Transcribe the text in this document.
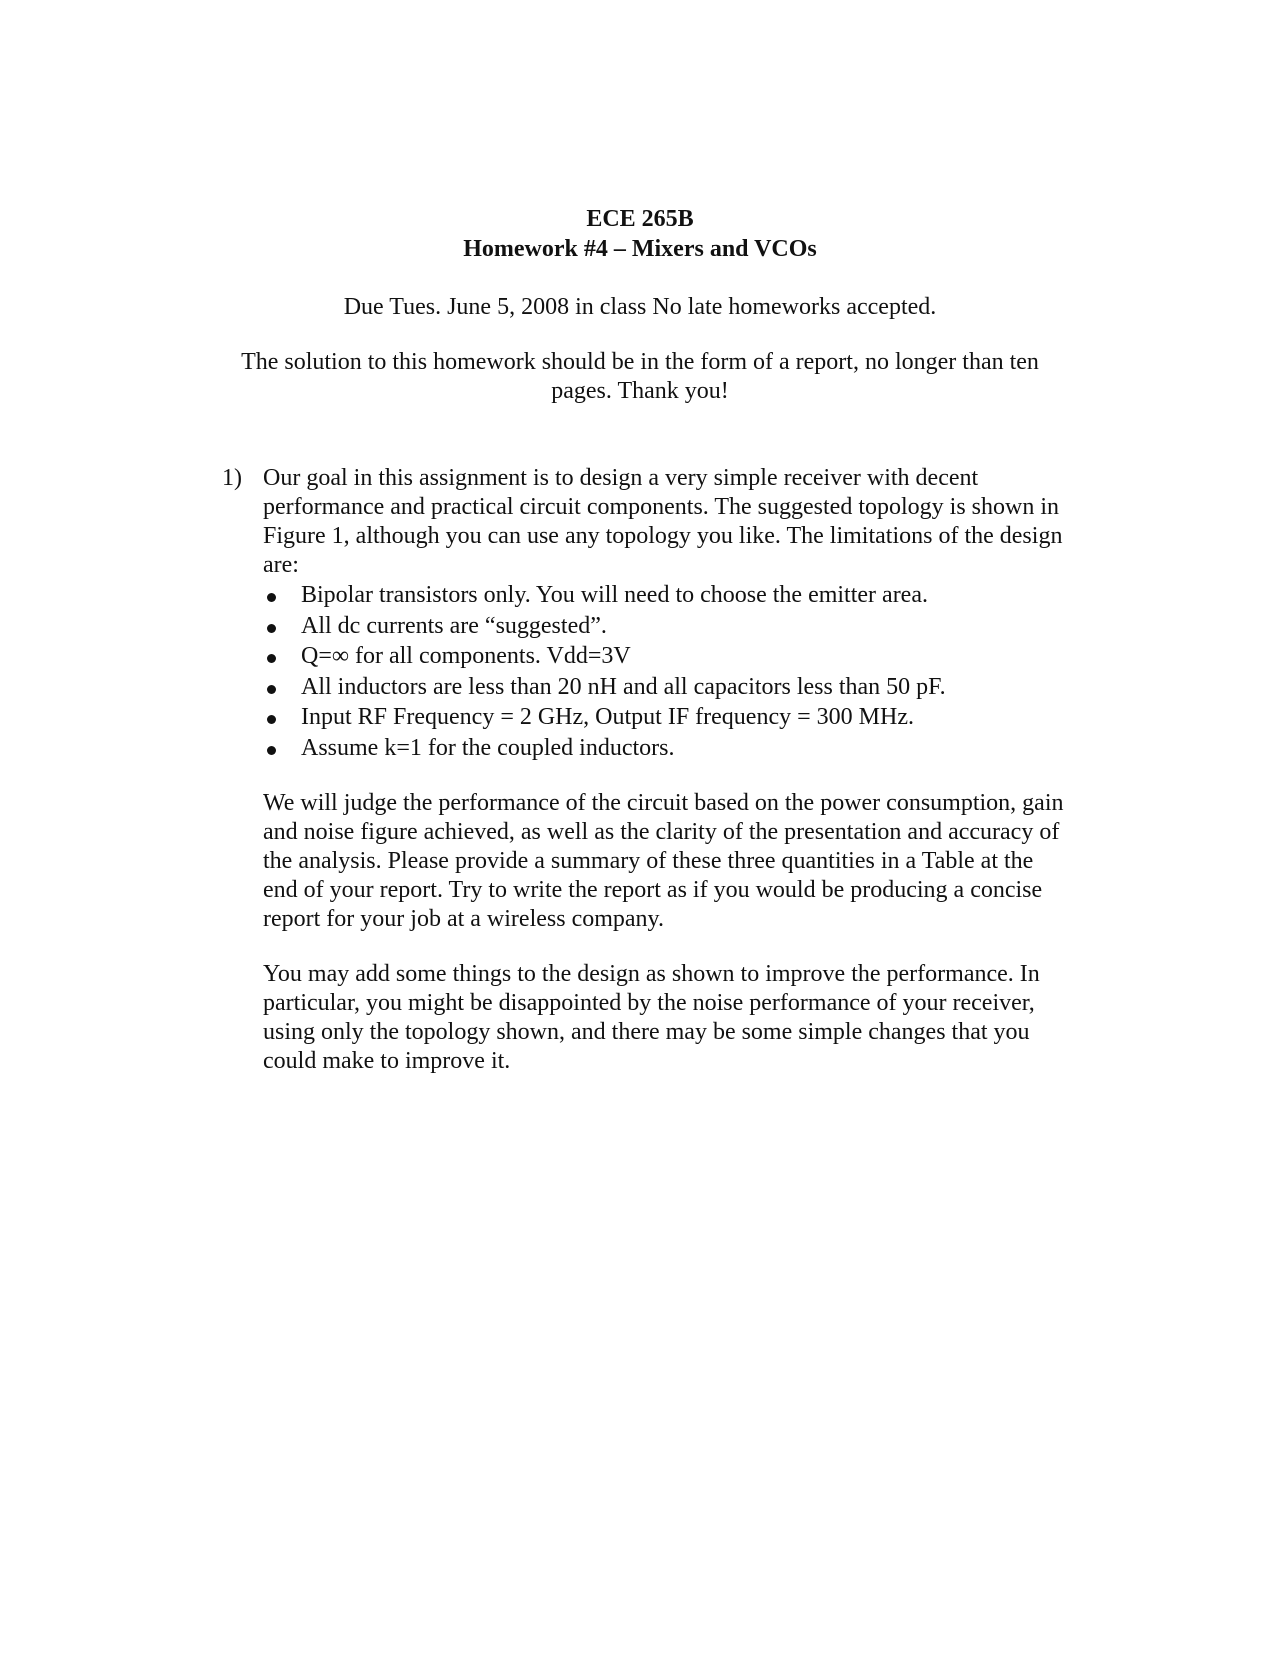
ECE 265B
Homework #4 – Mixers and VCOs
Due Tues. June 5, 2008 in class No late homeworks accepted.
The solution to this homework should be in the form of a report, no longer than ten pages. Thank you!
1) Our goal in this assignment is to design a very simple receiver with decent performance and practical circuit components. The suggested topology is shown in Figure 1, although you can use any topology you like. The limitations of the design are:

Bipolar transistors only. You will need to choose the emitter area.
All dc currents are “suggested”.
Q=∞ for all components. Vdd=3V
All inductors are less than 20 nH and all capacitors less than 50 pF.
Input RF Frequency = 2 GHz, Output IF frequency = 300 MHz.
Assume k=1 for the coupled inductors.

We will judge the performance of the circuit based on the power consumption, gain and noise figure achieved, as well as the clarity of the presentation and accuracy of the analysis. Please provide a summary of these three quantities in a Table at the end of your report. Try to write the report as if you would be producing a concise report for your job at a wireless company.

You may add some things to the design as shown to improve the performance. In particular, you might be disappointed by the noise performance of your receiver, using only the topology shown, and there may be some simple changes that you could make to improve it.
